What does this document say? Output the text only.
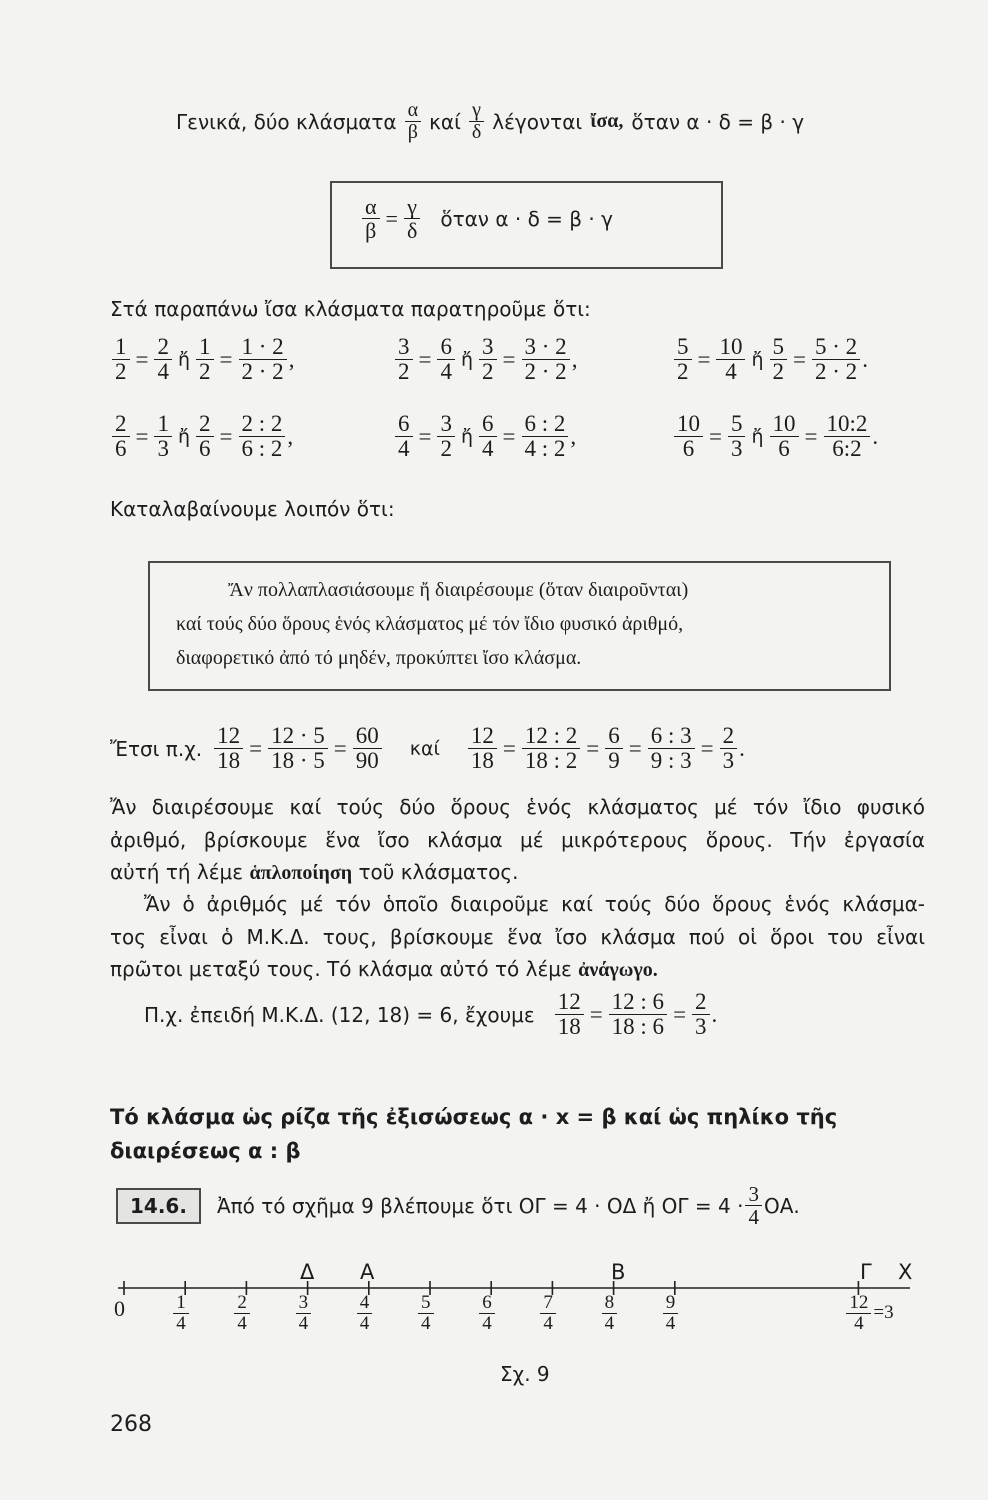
Γενικά, δύο κλάσματα $\frac{\alpha}{\beta}$ καί $\frac{\gamma}{\delta}$ λέγονται ἴσα, ὅταν α · δ = β · γ
$\frac{\alpha}{\beta} = \frac{\gamma}{\delta}$ ὅταν α · δ = β · γ
Στά παραπάνω ἴσα κλάσματα παρατηροῦμε ὅτι:
$\frac{1}{2} = \frac{2}{4}$ ἤ $\frac{1}{2} = \frac{1 \cdot 2}{2 \cdot 2}$ ,	$\frac{3}{2} = \frac{6}{4}$ ἤ $\frac{3}{2} = \frac{3 \cdot 2}{2 \cdot 2}$ ,	$\frac{5}{2} = \frac{10}{4}$ ἤ $\frac{5}{2} = \frac{5 \cdot 2}{2 \cdot 2}$ .
$\frac{2}{6} = \frac{1}{3}$ ἤ $\frac{2}{6} = \frac{2 : 2}{6 : 2}$ ,	$\frac{6}{4} = \frac{3}{2}$ ἤ $\frac{6}{4} = \frac{6 : 2}{4 : 2}$ ,	$\frac{10}{6} = \frac{5}{3}$ ἤ $\frac{10}{6} = \frac{10:2}{6:2}$ .
Καταλαβαίνουμε λοιπόν ὅτι:
Ἄν πολλαπλασιάσουμε ἤ διαιρέσουμε (ὅταν διαιροῦνται)
καί τούς δύο ὅρους ἑνός κλάσματος μέ τόν ἴδιο φυσικό ἀριθμό,
διαφορετικό ἀπό τό μηδέν, προκύπτει ἴσο κλάσμα.
Ἔτσι π.χ. $\frac{12}{18} = \frac{12 \cdot 5}{18 \cdot 5} = \frac{60}{90}$ καί $\frac{12}{18} = \frac{12 : 2}{18 : 2} = \frac{6}{9} = \frac{6 : 3}{9 : 3} = \frac{2}{3}$ .
Ἄν διαιρέσουμε καί τούς δύο ὅρους ἑνός κλάσματος μέ τόν ἴδιο φυσικό
ἀριθμό, βρίσκουμε ἕνα ἴσο κλάσμα μέ μικρότερους ὅρους. Τήν ἐργασία
αὐτή τή λέμε ἁπλοποίηση τοῦ κλάσματος.
Ἄν ὁ ἀριθμός μέ τόν ὁποῖο διαιροῦμε καί τούς δύο ὅρους ἑνός κλάσμα-
τος εἶναι ὁ Μ.Κ.Δ. τους, βρίσκουμε ἕνα ἴσο κλάσμα πού οἱ ὅροι του εἶναι
πρῶτοι μεταξύ τους. Τό κλάσμα αὐτό τό λέμε ἀνάγωγο.
Π.χ. ἐπειδή Μ.Κ.Δ. (12, 18) = 6, ἔχουμε $\frac{12}{18} = \frac{12 : 6}{18 : 6} = \frac{2}{3}$ .
Τό κλάσμα ὡς ρίζα τῆς ἐξισώσεως α · x = β καί ὡς πηλίκο τῆς
διαιρέσεως α : β
14.6.	Ἀπό τό σχῆμα 9 βλέπουμε ὅτι ΟΓ = 4 · ΟΔ ἤ $O\Gamma = 4 \cdot \frac{3}{4} OA$.
Δ Α	Β	Γ Χ
0	$\frac{1}{4} \frac{2}{4} \frac{3}{4} \frac{4}{4} \frac{5}{4} \frac{6}{4} \frac{7}{4} \frac{8}{4} \frac{9}{4}$	$\frac{12}{4} =3$
Σχ. 9
268
